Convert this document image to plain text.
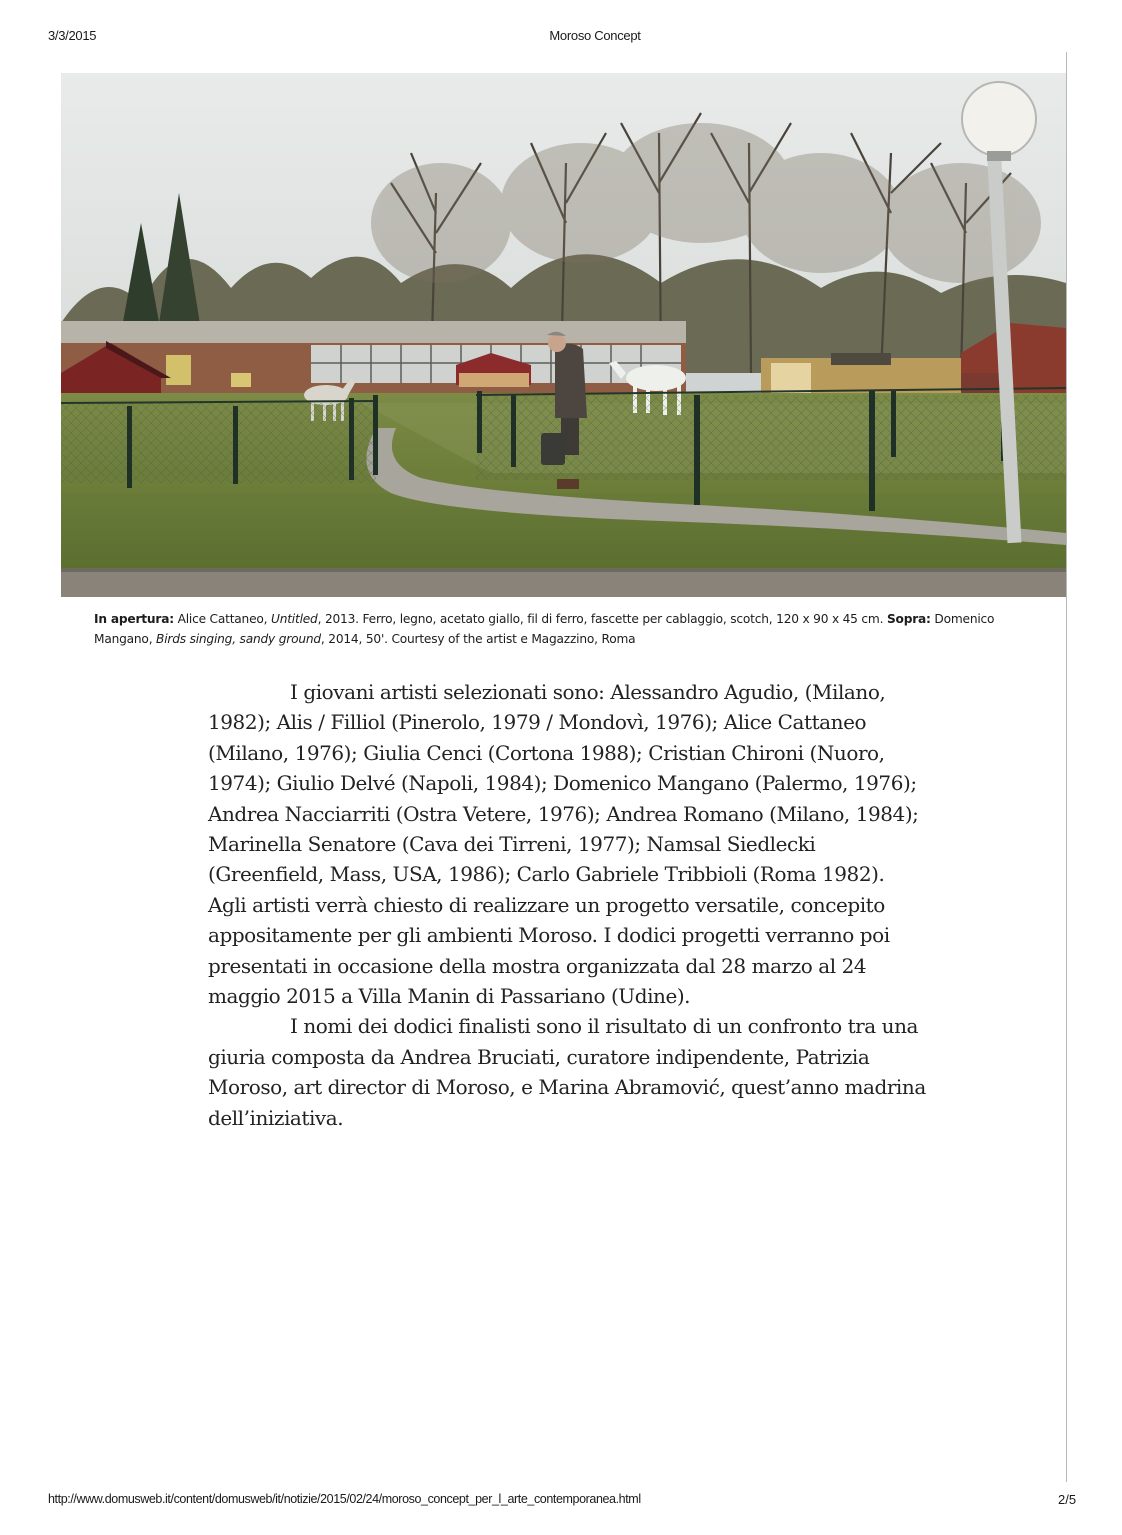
3/3/2015	Moroso Concept
In apertura: Alice Cattaneo, Untitled, 2013. Ferro, legno, acetato giallo, fil di ferro, fascette per cablaggio, scotch, 120 x 90 x 45 cm. Sopra: Domenico Mangano, Birds singing, sandy ground, 2014, 50'. Courtesy of the artist e Magazzino, Roma

I giovani artisti selezionati sono: Alessandro Agudio, (Milano, 1982); Alis / Filliol (Pinerolo, 1979 / Mondovì, 1976); Alice Cattaneo (Milano, 1976); Giulia Cenci (Cortona 1988); Cristian Chironi (Nuoro, 1974); Giulio Delvé (Napoli, 1984); Domenico Mangano (Palermo, 1976); Andrea Nacciarriti (Ostra Vetere, 1976); Andrea Romano (Milano, 1984); Marinella Senatore (Cava dei Tirreni, 1977); Namsal Siedlecki (Greenfield, Mass, USA, 1986); Carlo Gabriele Tribbioli (Roma 1982). Agli artisti verrà chiesto di realizzare un progetto versatile, concepito appositamente per gli ambienti Moroso. I dodici progetti verranno poi presentati in occasione della mostra organizzata dal 28 marzo al 24 maggio 2015 a Villa Manin di Passariano (Udine).

I nomi dei dodici finalisti sono il risultato di un confronto tra una giuria composta da Andrea Bruciati, curatore indipendente, Patrizia Moroso, art director di Moroso, e Marina Abramović, quest’anno madrina dell’iniziativa.

http://www.domusweb.it/content/domusweb/it/notizie/2015/02/24/moroso_concept_per_l_arte_contemporanea.html	2/5
